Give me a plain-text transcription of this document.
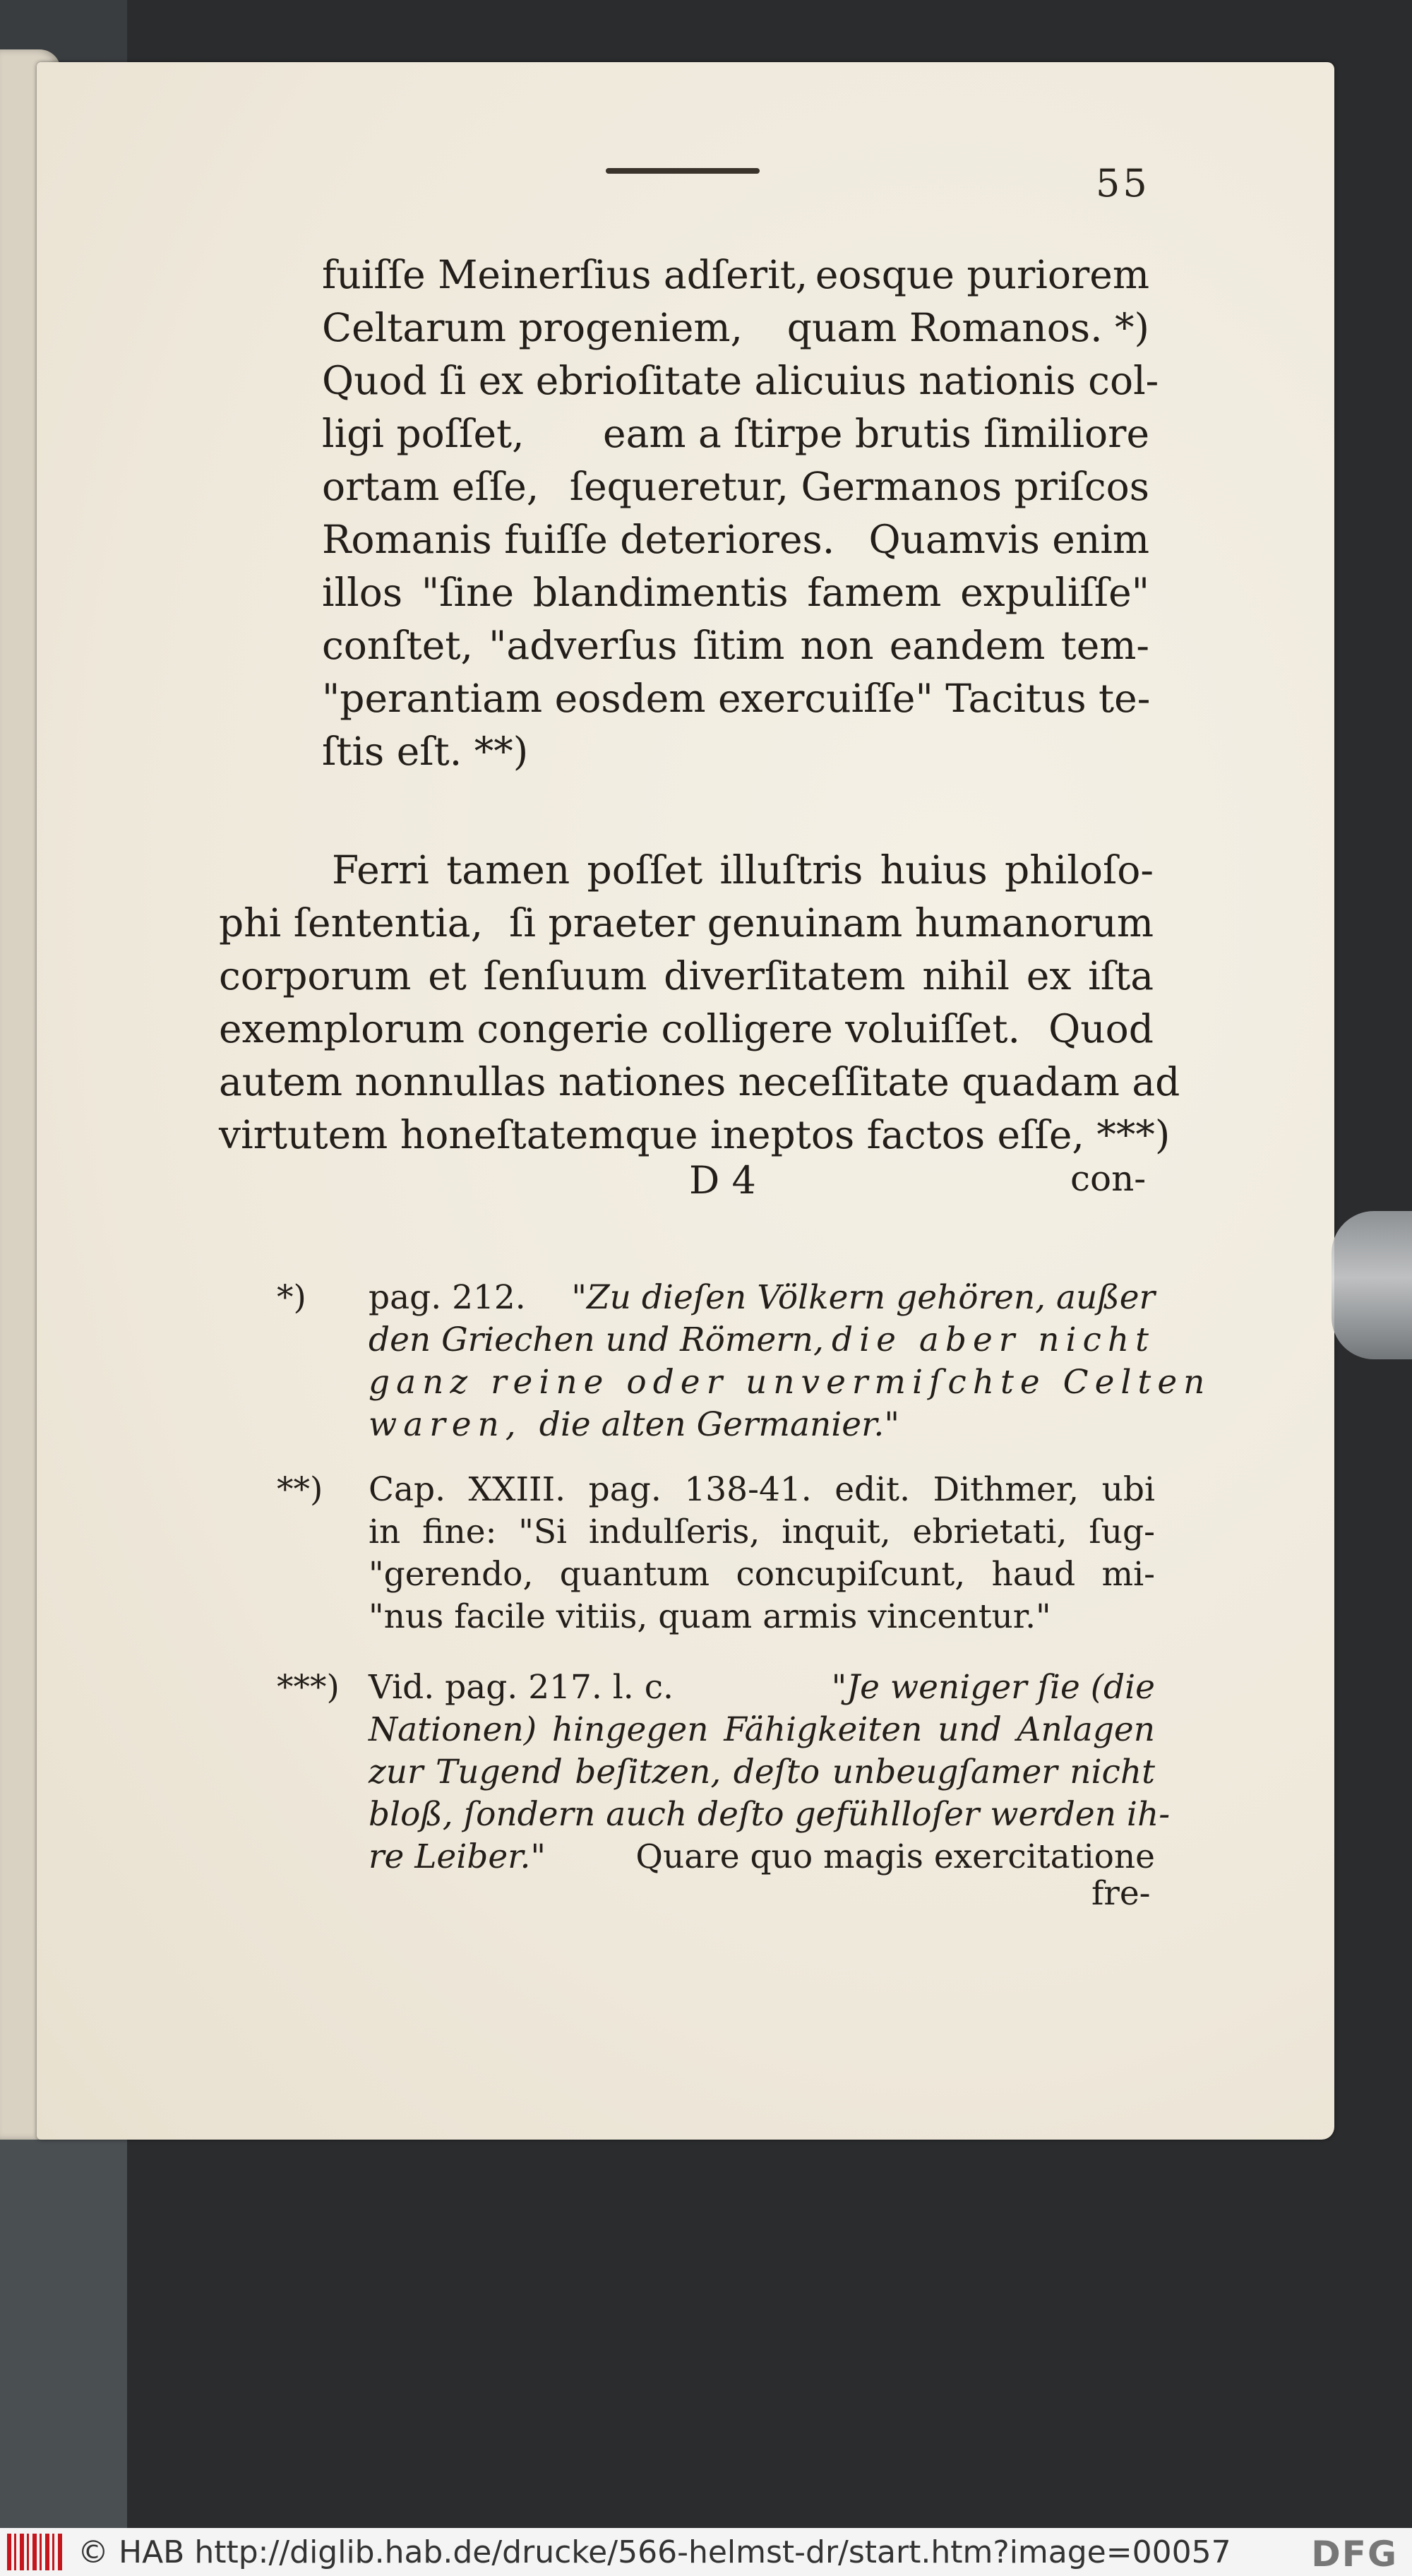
55
fuiſſe Meinerſius adſerit, eosque puriorem
Celtarum progeniem, quam Romanos. *)
Quod ſi ex ebrioſitate alicuius nationis col-
ligi poſſet, eam a ſtirpe brutis ſimiliore
ortam eſſe, ſequeretur, Germanos priſcos
Romanis fuiſſe deteriores. Quamvis enim
illos "ſine blandimentis famem expuliſſe"
conſtet, "adverſus ſitim non eandem tem-
"perantiam eosdem exercuiſſe" Tacitus te-
ſtis eſt. **)
Ferri tamen poſſet illuſtris huius philoſo-
phi ſententia, ſi praeter genuinam humanorum
corporum et ſenſuum diverſitatem nihil ex iſta
exemplorum congerie colligere voluiſſet. Quod
autem nonnullas nationes neceſſitate quadam ad
virtutem honeſtatemque ineptos factos eſſe, ***)
D 4	con-
*) pag. 212. "Zu dieſen Völkern gehören, außer
den Griechen und Römern, die aber nicht
ganz reine oder unvermiſchte Celten
waren, die alten Germanier."
**)	Cap. XXIII. pag. 138-41. edit. Dithmer, ubi
in fine: "Si indulſeris, inquit, ebrietati, ſug-
"gerendo, quantum concupiſcunt, haud mi-
"nus facile vitiis, quam armis vincentur."
***) Vid. pag. 217. l. c.	"Je weniger ſie (die
Nationen) hingegen Fähigkeiten und Anlagen
zur Tugend beſitzen, deſto unbeugſamer nicht
bloß, ſondern auch deſto gefühlloſer werden ih-
re Leiber."	Quare quo magis exercitatione
fre-
© HAB http://diglib.hab.de/drucke/566-helmst-dr/start.htm?image=00057 DFG
